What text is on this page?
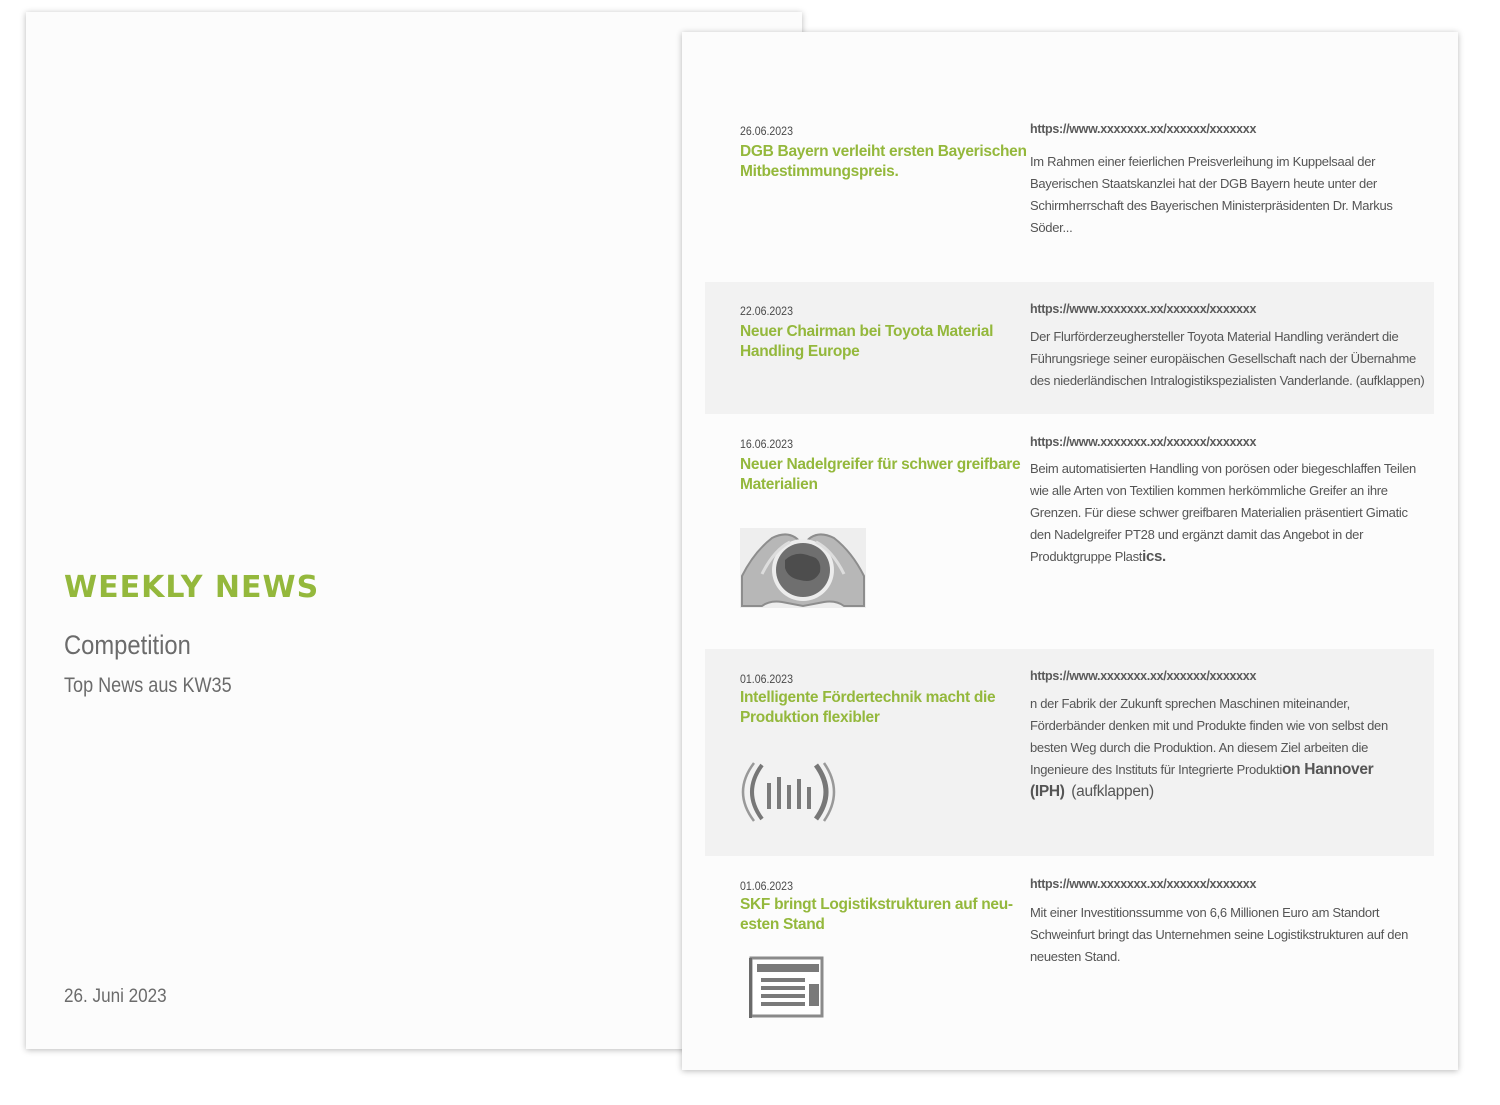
WEEKLY NEWS
Competition
Top News aus KW35
26. Juni 2023
26.06.2023
DGB Bayern verleiht ersten Bayerischen Mitbestimmungspreis.
https://www.xxxxxxx.xx/xxxxxx/xxxxxxx

Im Rahmen einer feierlichen Preisverleihung im Kuppelsaal der Bayerischen Staatskanzlei hat der DGB Bayern heute unter der Schirmherrschaft des Bayerischen Ministerpräsidenten Dr. Markus Söder...

22.06.2023
Neuer Chairman bei Toyota Material Handling Europe
https://www.xxxxxxx.xx/xxxxxx/xxxxxxx

Der Flurförderzeughersteller Toyota Material Handling verändert die Führungsriege seiner europäischen Gesellschaft nach der Übernahme des niederländischen Intralogistikspezialisten Vanderlande. (aufklappen)

16.06.2023
Neuer Nadelgreifer für schwer greifbare Materialien
https://www.xxxxxxx.xx/xxxxxx/xxxxxxx

Beim automatisierten Handling von porösen oder biegeschlaffen Teilen wie alle Arten von Textilien kommen herkömmliche Greifer an ihre Grenzen. Für diese schwer greifbaren Materialien präsentiert Gimatic den Nadelgreifer PT28 und ergänzt damit das Angebot in der Produktgruppe Plastics.

01.06.2023
Intelligente Fördertechnik macht die Produktion flexibler
https://www.xxxxxxx.xx/xxxxxx/xxxxxxx

n der Fabrik der Zukunft sprechen Maschinen miteinander, Förderbänder denken mit und Produkte finden wie von selbst den besten Weg durch die Produktion. An diesem Ziel arbeiten die Ingenieure des Instituts für Integrierte Produktion Hannover (IPH) (aufklappen)

01.06.2023
SKF bringt Logistikstrukturen auf neu-esten Stand
https://www.xxxxxxx.xx/xxxxxx/xxxxxxx

Mit einer Investitionssumme von 6,6 Millionen Euro am Standort Schweinfurt bringt das Unternehmen seine Logistikstrukturen auf den neuesten Stand.
